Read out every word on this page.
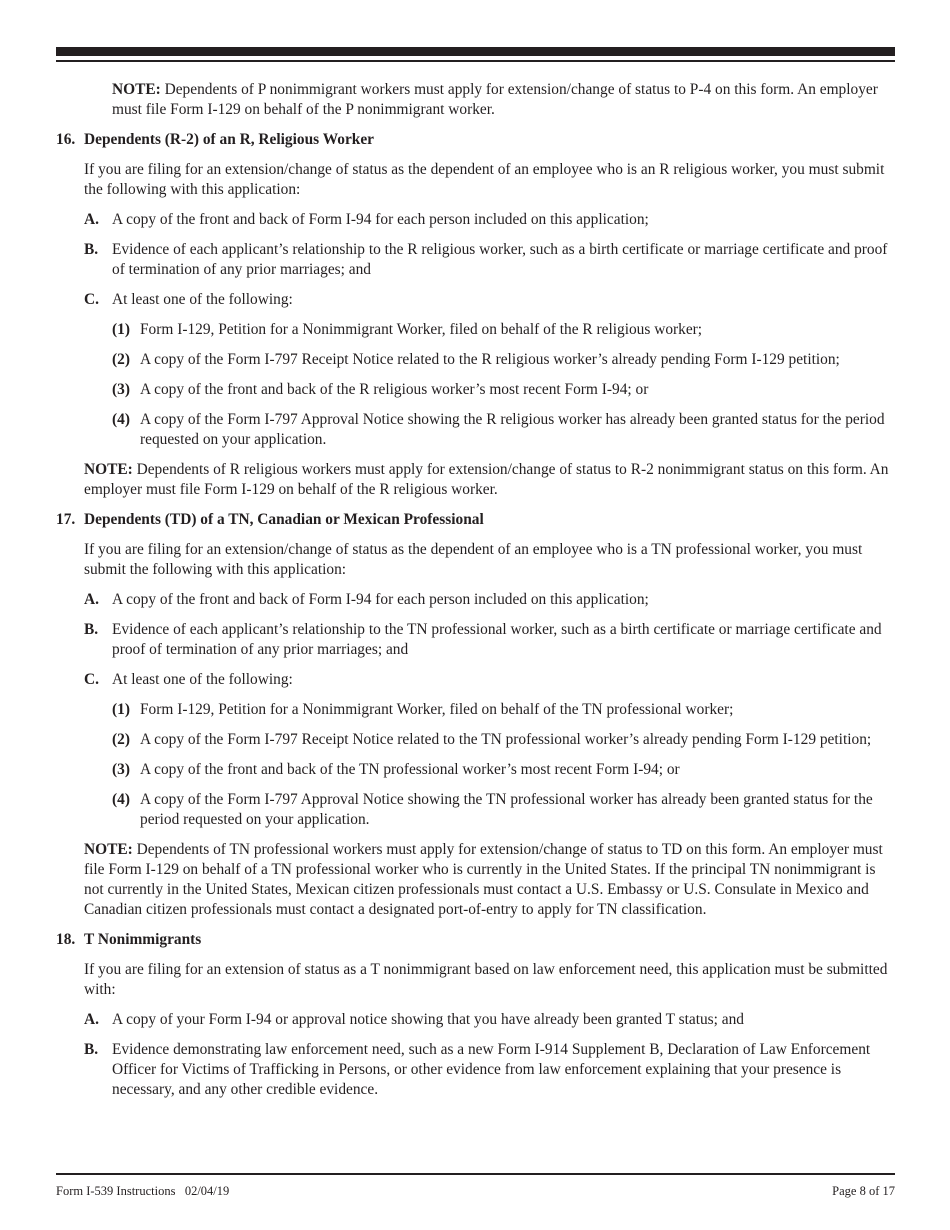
NOTE: Dependents of P nonimmigrant workers must apply for extension/change of status to P-4 on this form. An employer must file Form I-129 on behalf of the P nonimmigrant worker.

16. Dependents (R-2) of an R, Religious Worker

If you are filing for an extension/change of status as the dependent of an employee who is an R religious worker, you must submit the following with this application:

A. A copy of the front and back of Form I-94 for each person included on this application;
B. Evidence of each applicant’s relationship to the R religious worker, such as a birth certificate or marriage certificate and proof of termination of any prior marriages; and
C. At least one of the following:
(1) Form I-129, Petition for a Nonimmigrant Worker, filed on behalf of the R religious worker;
(2) A copy of the Form I-797 Receipt Notice related to the R religious worker’s already pending Form I-129 petition;
(3) A copy of the front and back of the R religious worker’s most recent Form I-94; or
(4) A copy of the Form I-797 Approval Notice showing the R religious worker has already been granted status for the period requested on your application.

NOTE: Dependents of R religious workers must apply for extension/change of status to R-2 nonimmigrant status on this form. An employer must file Form I-129 on behalf of the R religious worker.

17. Dependents (TD) of a TN, Canadian or Mexican Professional

If you are filing for an extension/change of status as the dependent of an employee who is a TN professional worker, you must submit the following with this application:

A. A copy of the front and back of Form I-94 for each person included on this application;
B. Evidence of each applicant’s relationship to the TN professional worker, such as a birth certificate or marriage certificate and proof of termination of any prior marriages; and
C. At least one of the following:
(1) Form I-129, Petition for a Nonimmigrant Worker, filed on behalf of the TN professional worker;
(2) A copy of the Form I-797 Receipt Notice related to the TN professional worker’s already pending Form I-129 petition;
(3) A copy of the front and back of the TN professional worker’s most recent Form I-94; or
(4) A copy of the Form I-797 Approval Notice showing the TN professional worker has already been granted status for the period requested on your application.

NOTE: Dependents of TN professional workers must apply for extension/change of status to TD on this form. An employer must file Form I-129 on behalf of a TN professional worker who is currently in the United States. If the principal TN nonimmigrant is not currently in the United States, Mexican citizen professionals must contact a U.S. Embassy or U.S. Consulate in Mexico and Canadian citizen professionals must contact a designated port-of-entry to apply for TN classification.

18. T Nonimmigrants

If you are filing for an extension of status as a T nonimmigrant based on law enforcement need, this application must be submitted with:

A. A copy of your Form I-94 or approval notice showing that you have already been granted T status; and
B. Evidence demonstrating law enforcement need, such as a new Form I-914 Supplement B, Declaration of Law Enforcement Officer for Victims of Trafficking in Persons, or other evidence from law enforcement explaining that your presence is necessary, and any other credible evidence.
Form I-539 Instructions 02/04/19	Page 8 of 17
